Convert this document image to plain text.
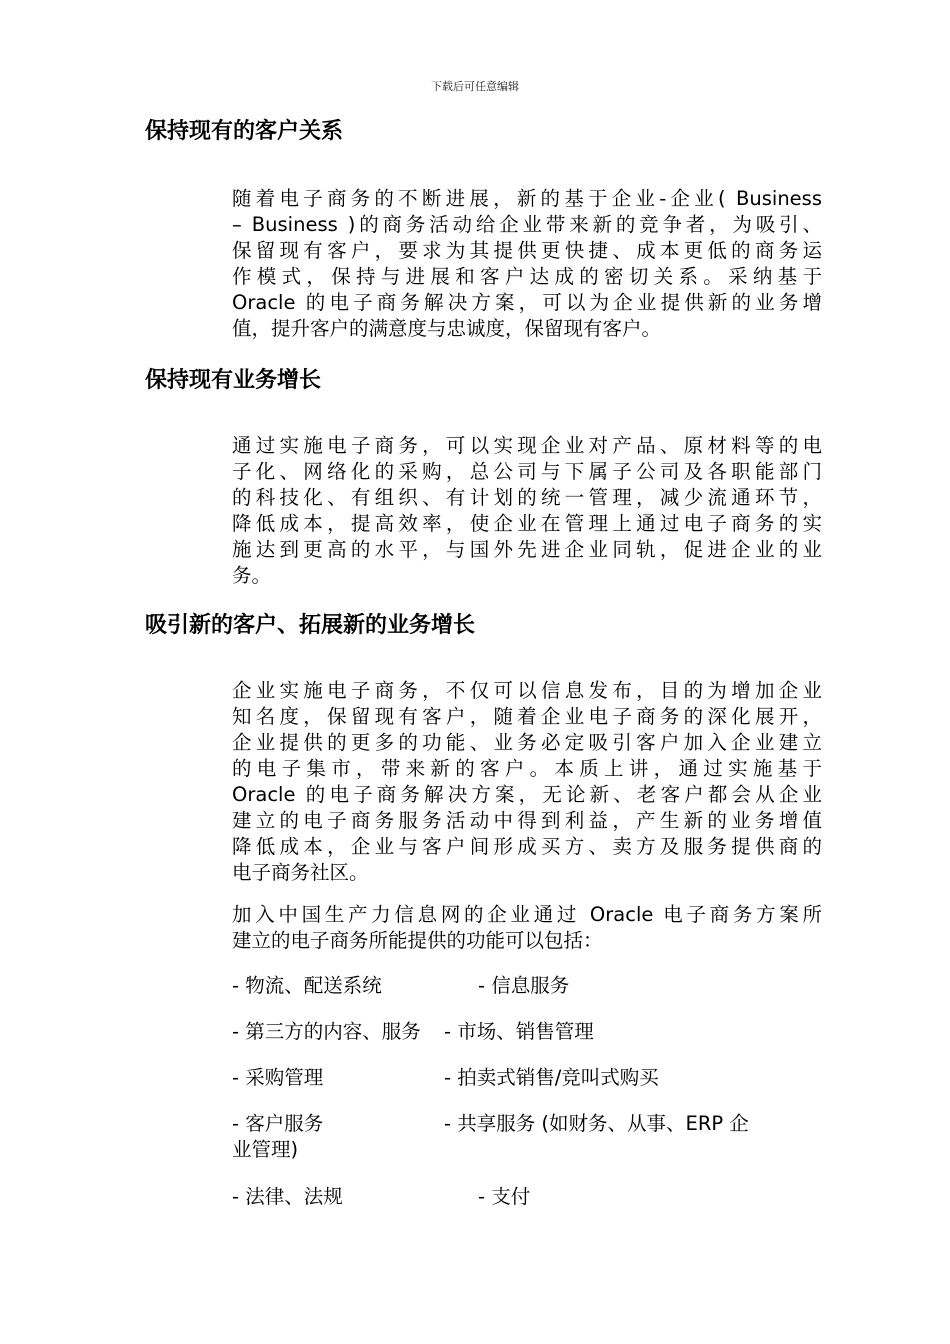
下载后可任意编辑
保持现有的客户关系
随着电子商务的不断进展，新的基于企业-企业( Business
– Business )的商务活动给企业带来新的竞争者，为吸引、
保留现有客户，要求为其提供更快捷、成本更低的商务运
作模式，保持与进展和客户达成的密切关系。采纳基于
Oracle 的电子商务解决方案，可以为企业提供新的业务增
值，提升客户的满意度与忠诚度，保留现有客户。
保持现有业务增长
通过实施电子商务，可以实现企业对产品、原材料等的电
子化、网络化的采购，总公司与下属子公司及各职能部门
的科技化、有组织、有计划的统一管理，减少流通环节，
降低成本，提高效率，使企业在管理上通过电子商务的实
施达到更高的水平，与国外先进企业同轨，促进企业的业
务。
吸引新的客户、拓展新的业务增长
企业实施电子商务，不仅可以信息发布，目的为增加企业
知名度，保留现有客户，随着企业电子商务的深化展开，
企业提供的更多的功能、业务必定吸引客户加入企业建立
的电子集市，带来新的客户。本质上讲，通过实施基于
Oracle 的电子商务解决方案，无论新、老客户都会从企业
建立的电子商务服务活动中得到利益，产生新的业务增值
降低成本，企业与客户间形成买方、卖方及服务提供商的
电子商务社区。
加入中国生产力信息网的企业通过 Oracle 电子商务方案所
建立的电子商务所能提供的功能可以包括：
- 物流、配送系统	- 信息服务
- 第三方的内容、服务 - 市场、销售管理
- 采购管理	- 拍卖式销售/竞叫式购买
- 客户服务	- 共享服务 (如财务、从事、ERP 企
业管理)
- 法律、法规	- 支付
